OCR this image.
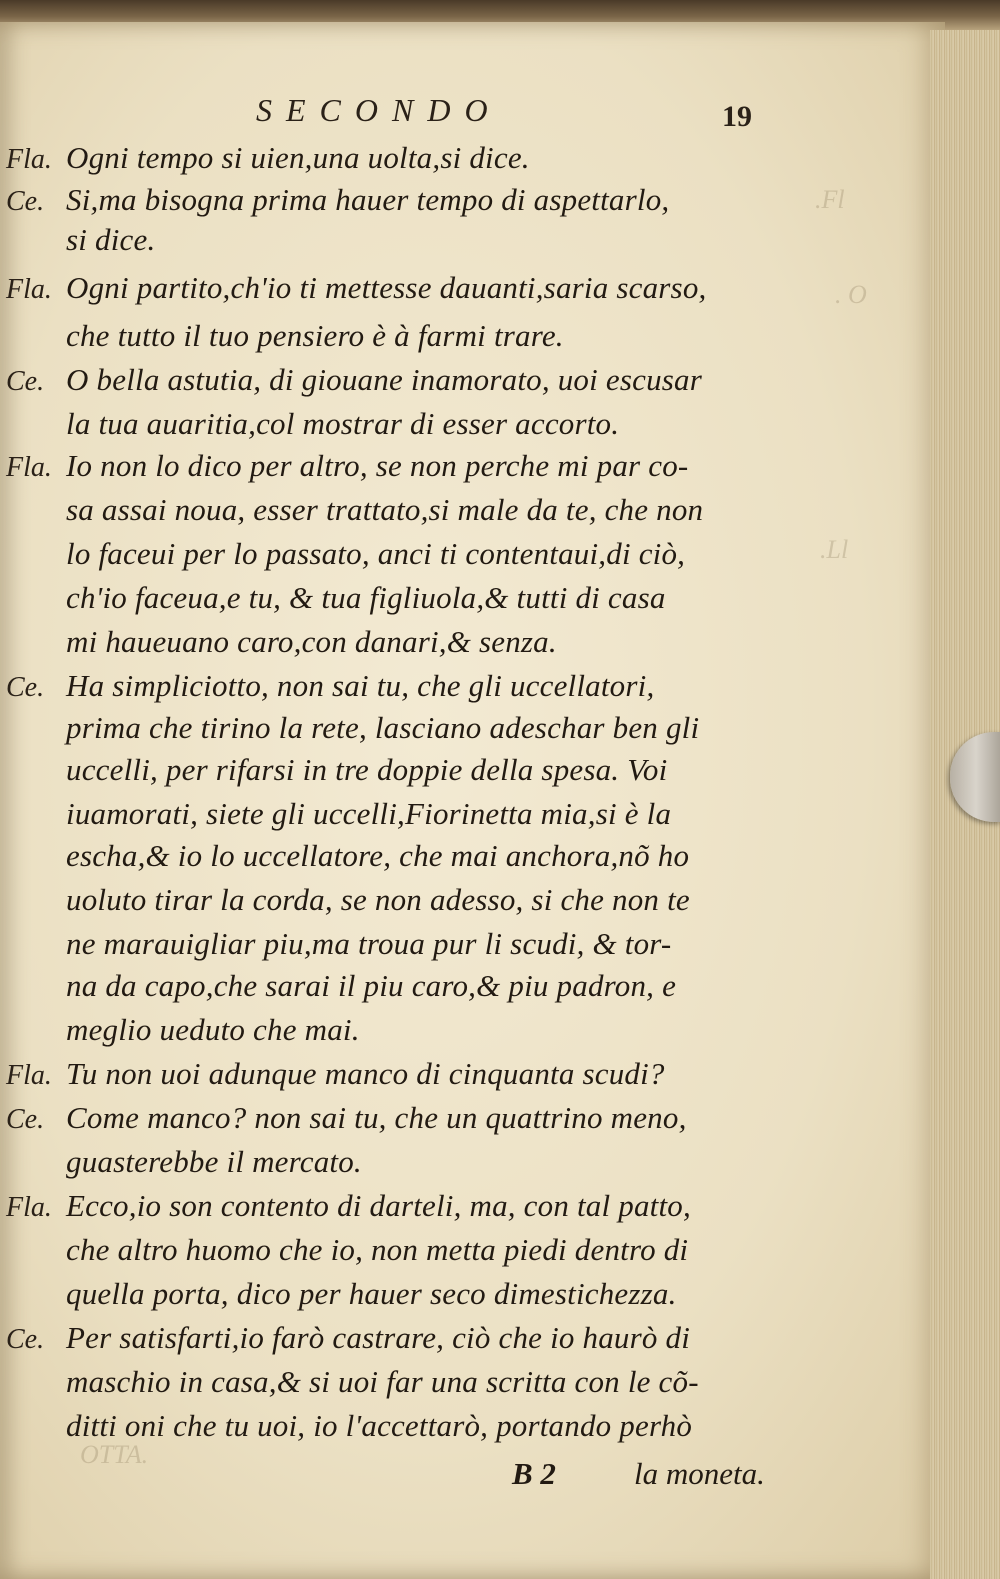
.Fl
. O
.Ll
OTTA.
SECONDO	19
Fla. Ogni tempo si uien,una uolta,si dice.
Ce. Si,ma bisogna prima hauer tempo di aspettarlo,
si dice.
Fla. Ogni partito,ch'io ti mettesse dauanti,saria scarso,
che tutto il tuo pensiero è à farmi trare.
Ce. O bella astutia, di giouane inamorato, uoi escusar
la tua auaritia,col mostrar di esser accorto.
Fla. Io non lo dico per altro, se non perche mi par co-
sa assai noua, esser trattato,si male da te, che non
lo faceui per lo passato, anci ti contentaui,di ciò,
ch'io faceua,e tu, & tua figliuola,& tutti di casa
mi haueuano caro,con danari,& senza.
Ce. Ha simpliciotto, non sai tu, che gli uccellatori,
prima che tirino la rete, lasciano adeschar ben gli
uccelli, per rifarsi in tre doppie della spesa. Voi
iuamorati, siete gli uccelli,Fiorinetta mia,si è la
escha,& io lo uccellatore, che mai anchora,nõ ho
uoluto tirar la corda, se non adesso, si che non te
ne marauigliar piu,ma troua pur li scudi, & tor-
na da capo,che sarai il piu caro,& piu padron, e
meglio ueduto che mai.
Fla. Tu non uoi adunque manco di cinquanta scudi?
Ce. Come manco? non sai tu, che un quattrino meno,
guasterebbe il mercato.
Fla. Ecco,io son contento di darteli, ma, con tal patto,
che altro huomo che io, non metta piedi dentro di
quella porta, dico per hauer seco dimestichezza.
Ce. Per satisfarti,io farò castrare, ciò che io haurò di
maschio in casa,& si uoi far una scritta con le cõ-
ditti oni che tu uoi, io l'accettarò, portando perhò
B 2	la moneta.
